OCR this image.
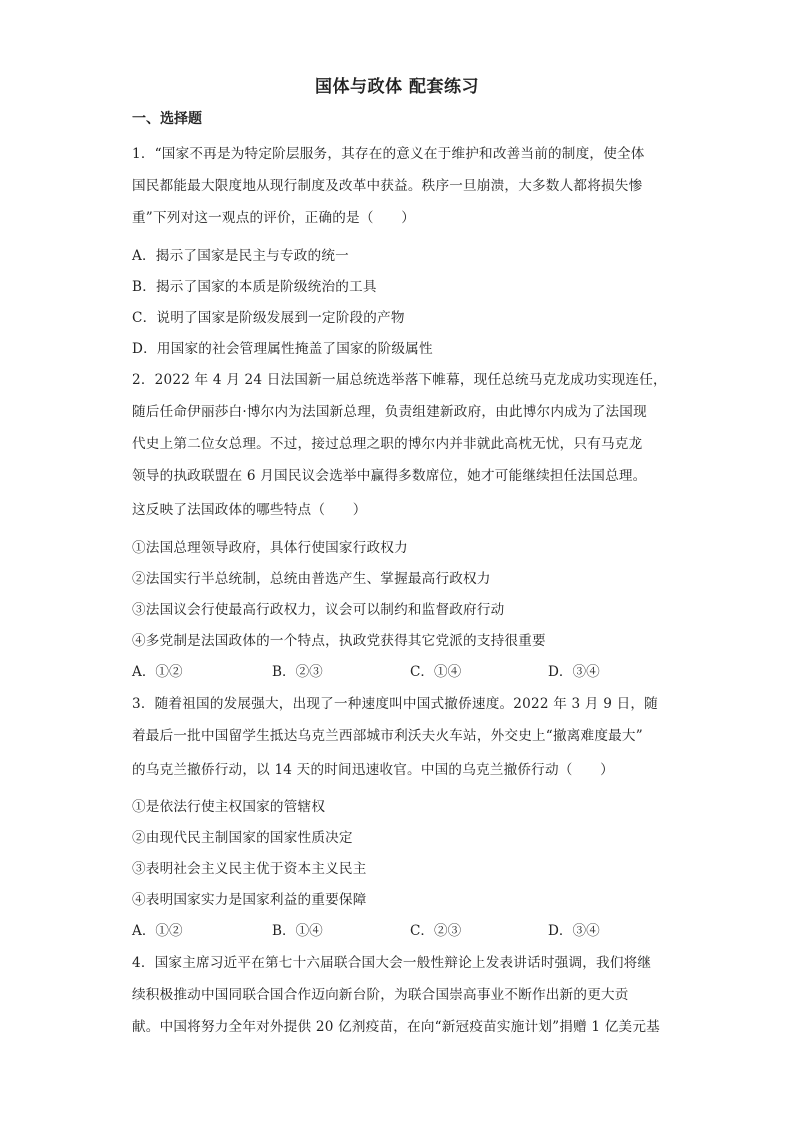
国体与政体 配套练习
一、选择题
1．“国家不再是为特定阶层服务，其存在的意义在于维护和改善当前的制度，使全体
国民都能最大限度地从现行制度及改革中获益。秩序一旦崩溃，大多数人都将损失惨
重”下列对这一观点的评价，正确的是（　　）
A．揭示了国家是民主与专政的统一
B．揭示了国家的本质是阶级统治的工具
C．说明了国家是阶级发展到一定阶段的产物
D．用国家的社会管理属性掩盖了国家的阶级属性
2．2022 年 4 月 24 日法国新一届总统选举落下帷幕，现任总统马克龙成功实现连任，
随后任命伊丽莎白·博尔内为法国新总理，负责组建新政府，由此博尔内成为了法国现
代史上第二位女总理。不过，接过总理之职的博尔内并非就此高枕无忧，只有马克龙
领导的执政联盟在 6 月国民议会选举中赢得多数席位，她才可能继续担任法国总理。
这反映了法国政体的哪些特点（　　）
①法国总理领导政府，具体行使国家行政权力
②法国实行半总统制，总统由普选产生、掌握最高行政权力
③法国议会行使最高行政权力，议会可以制约和监督政府行动
④多党制是法国政体的一个特点，执政党获得其它党派的支持很重要
A．①②	B．②③	C．①④	D．③④
3．随着祖国的发展强大，出现了一种速度叫中国式撤侨速度。2022 年 3 月 9 日，随
着最后一批中国留学生抵达乌克兰西部城市利沃夫火车站，外交史上“撤离难度最大”
的乌克兰撤侨行动，以 14 天的时间迅速收官。中国的乌克兰撤侨行动（　　）
①是依法行使主权国家的管辖权
②由现代民主制国家的国家性质决定
③表明社会主义民主优于资本主义民主
④表明国家实力是国家利益的重要保障
A．①②	B．①④	C．②③	D．③④
4．国家主席习近平在第七十六届联合国大会一般性辩论上发表讲话时强调，我们将继
续积极推动中国同联合国合作迈向新台阶，为联合国崇高事业不断作出新的更大贡
献。中国将努力全年对外提供 20 亿剂疫苗，在向“新冠疫苗实施计划”捐赠 1 亿美元基
